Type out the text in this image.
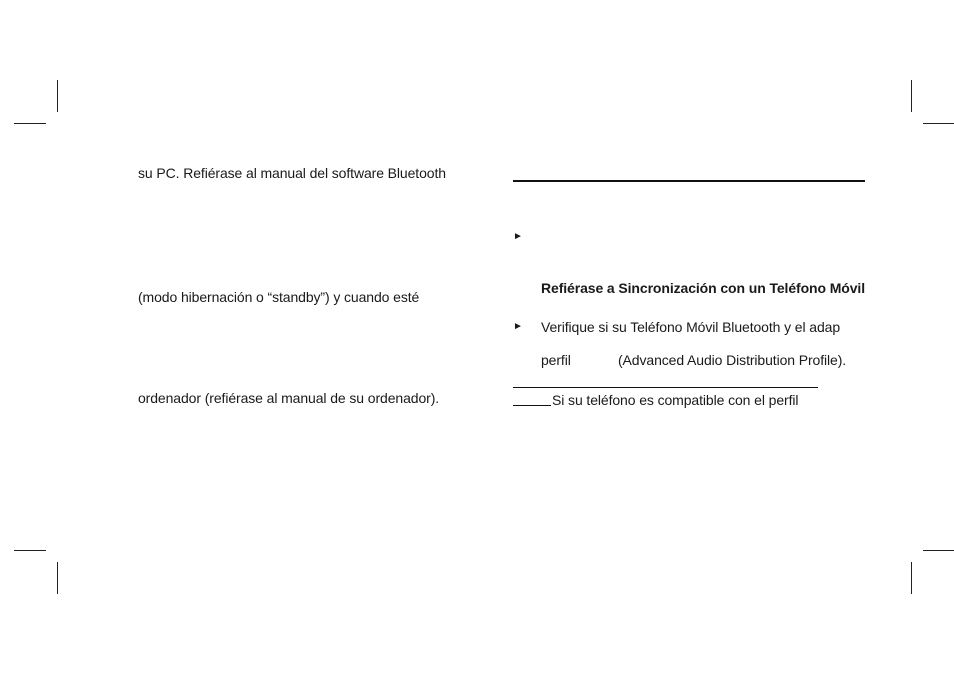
su PC. Refiérase al manual del software Bluetooth
(modo hibernación o “standby”) y cuando esté
ordenador (refiérase al manual de su ordenador).
►
Refiérase a Sincronización con un Teléfono Móvil
► Verifique si su Teléfono Móvil Bluetooth y el adap
perfil	(Advanced Audio Distribution Profile).
Si su teléfono es compatible con el perfil
